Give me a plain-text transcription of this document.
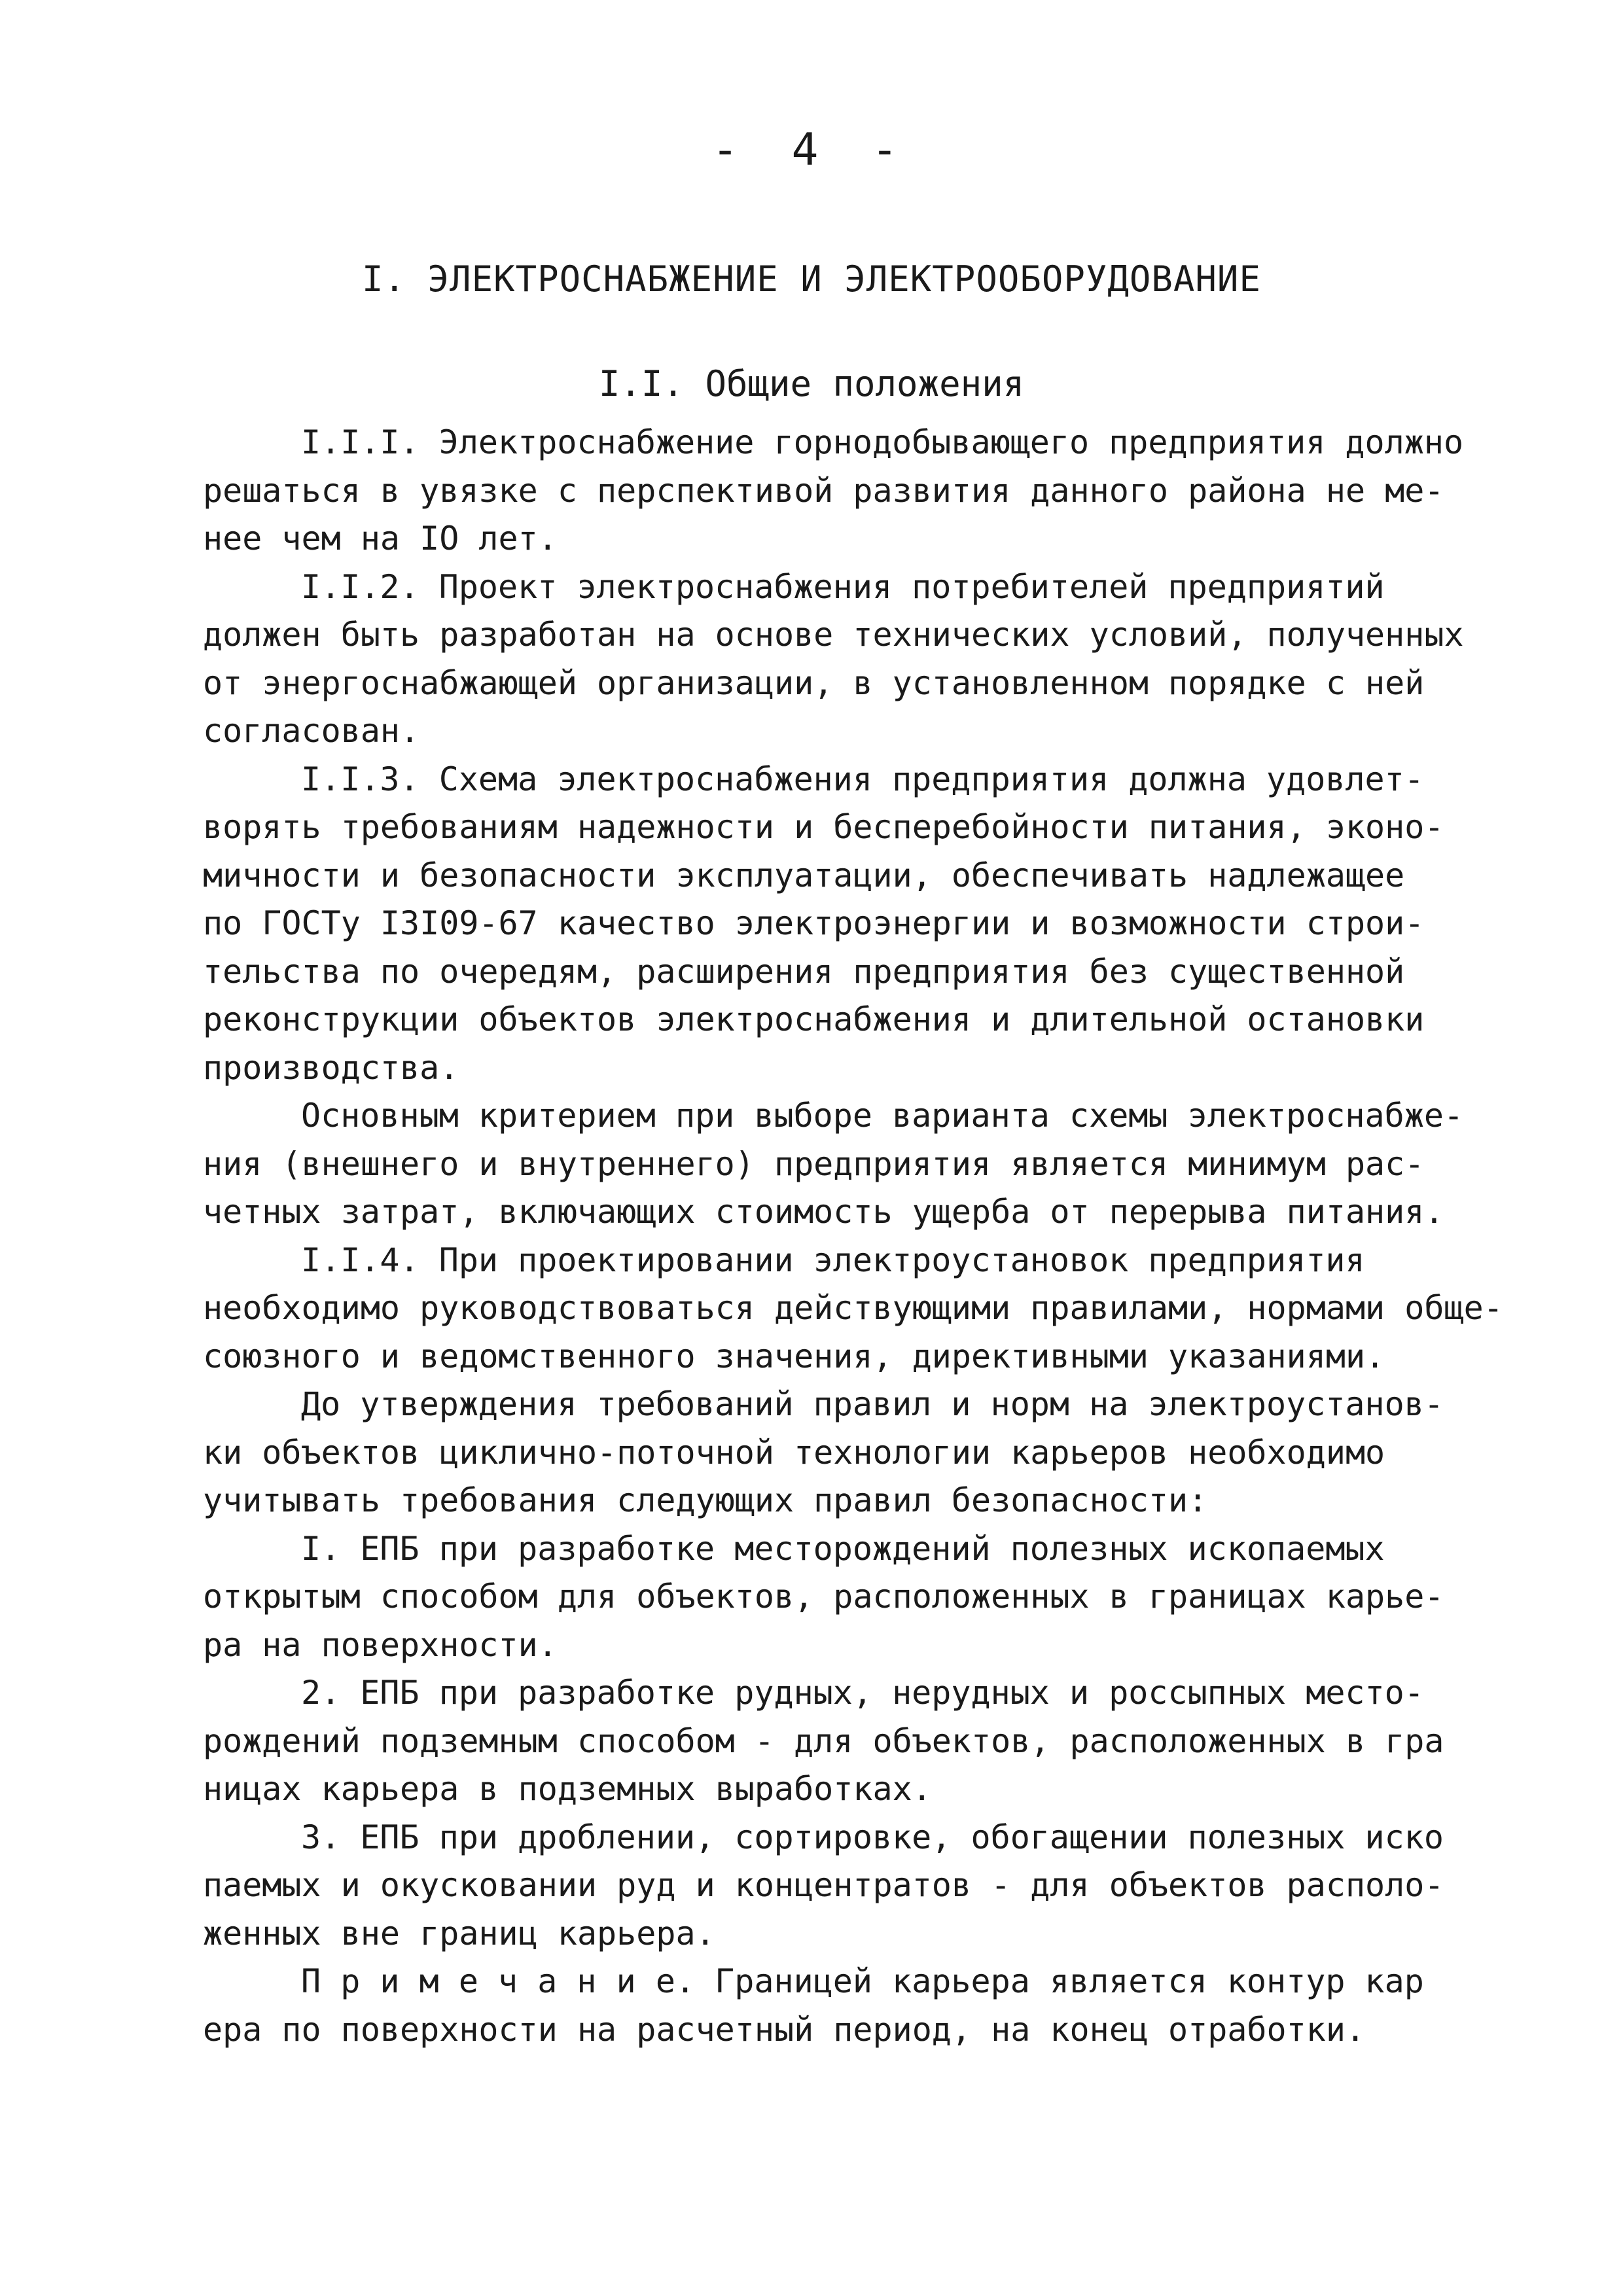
- 4 -
I. ЭЛЕКТРОСНАБЖЕНИЕ И ЭЛЕКТРООБОРУДОВАНИЕ
I.I. Общие положения
I.I.I. Электроснабжение горнодобывающего предприятия должно
решаться в увязке с перспективой развития данного района не ме-
нее чем на IO лет.
I.I.2. Проект электроснабжения потребителей предприятий
должен быть разработан на основе технических условий, полученных
от энергоснабжающей организации, в установленном порядке с ней
согласован.
I.I.3. Схема электроснабжения предприятия должна удовлет-
ворять требованиям надежности и бесперебойности питания, эконо-
мичности и безопасности эксплуатации, обеспечивать надлежащее
по ГОСТу I3I09-67 качество электроэнергии и возможности строи-
тельства по очередям, расширения предприятия без существенной
реконструкции объектов электроснабжения и длительной остановки
производства.
Основным критерием при выборе варианта схемы электроснабже-
ния (внешнего и внутреннего) предприятия является минимум рас-
четных затрат, включающих стоимость ущерба от перерыва питания.
I.I.4. При проектировании электроустановок предприятия
необходимо руководствоваться действующими правилами, нормами обще-
союзного и ведомственного значения, директивными указаниями.
До утверждения требований правил и норм на электроустанов-
ки объектов циклично-поточной технологии карьеров необходимо
учитывать требования следующих правил безопасности:
I. ЕПБ при разработке месторождений полезных ископаемых
открытым способом для объектов, расположенных в границах карье-
ра на поверхности.
2. ЕПБ при разработке рудных, нерудных и россыпных место-
рождений подземным способом - для объектов, расположенных в гра
ницах карьера в подземных выработках.
3. ЕПБ при дроблении, сортировке, обогащении полезных иско
паемых и окусковании руд и концентратов - для объектов располо-
женных вне границ карьера.
П р и м е ч а н и е. Границей карьера является контур кар
ера по поверхности на расчетный период, на конец отработки.
